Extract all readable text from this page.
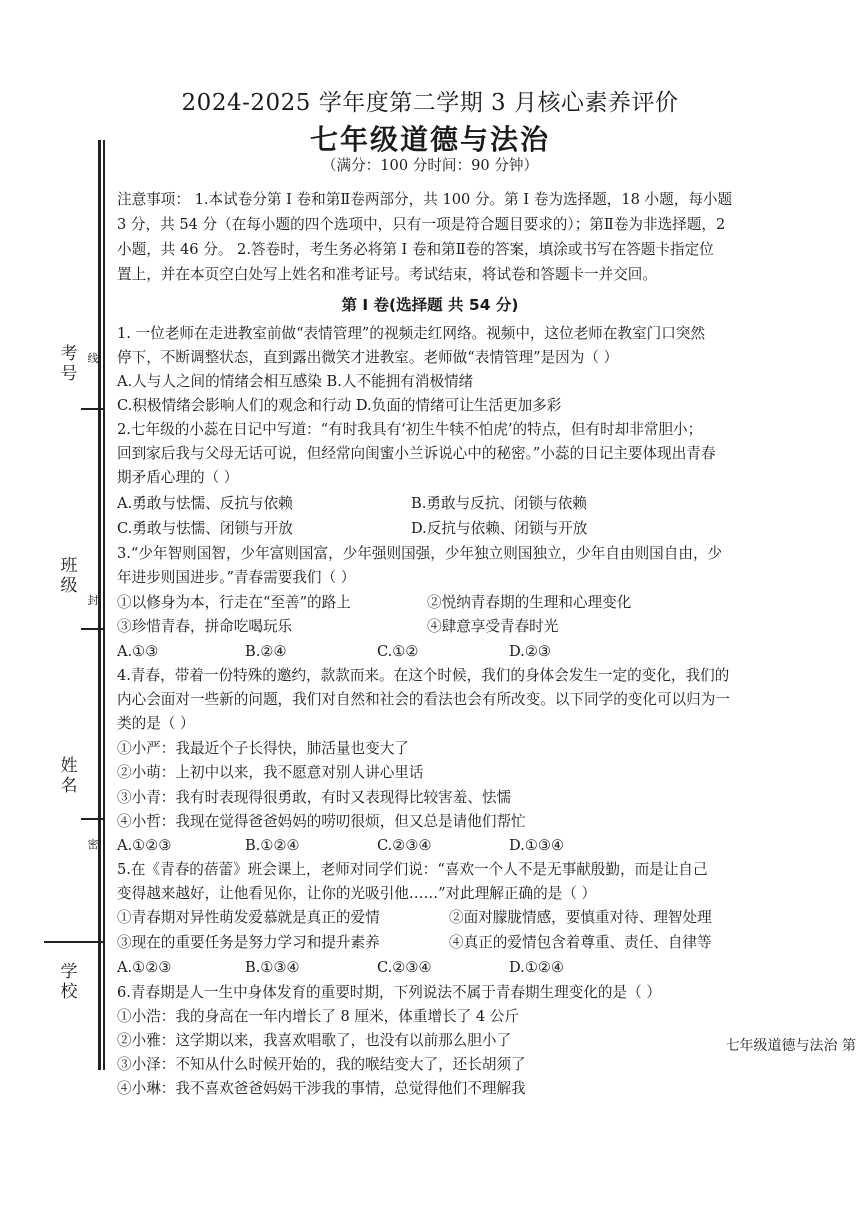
2024-2025 学年度第二学期 3 月核心素养评价
七年级道德与法治
（满分：100 分时间：90 分钟）
注意事项： 1.本试卷分第 I 卷和第Ⅱ卷两部分，共 100 分。第 I 卷为选择题，18 小题，每小题
3 分，共 54 分（在每小题的四个选项中，只有一项是符合题目要求的）；第Ⅱ卷为非选择题，2
小题，共 46 分。 2.答卷时，考生务必将第 I 卷和第Ⅱ卷的答案，填涂或书写在答题卡指定位
置上，并在本页空白处写上姓名和准考证号。考试结束，将试卷和答题卡一并交回。
第 I 卷(选择题 共 54 分)
1. 一位老师在走进教室前做“表情管理”的视频走红网络。视频中，这位老师在教室门口突然
停下，不断调整状态，直到露出微笑才进教室。老师做“表情管理”是因为（ ）
A.人与人之间的情绪会相互感染 B.人不能拥有消极情绪
C.积极情绪会影响人们的观念和行动 D.负面的情绪可让生活更加多彩
2.七年级的小蕊在日记中写道：“有时我具有‘初生牛犊不怕虎’的特点，但有时却非常胆小；
回到家后我与父母无话可说，但经常向闺蜜小兰诉说心中的秘密。”小蕊的日记主要体现出青春
期矛盾心理的（ ）
A.勇敢与怯懦、反抗与依赖	B.勇敢与反抗、闭锁与依赖
C.勇敢与怯懦、闭锁与开放	D.反抗与依赖、闭锁与开放
3.“少年智则国智，少年富则国富，少年强则国强，少年独立则国独立，少年自由则国自由，少
年进步则国进步。”青春需要我们（ ）
①以修身为本，行走在“至善”的路上	②悦纳青春期的生理和心理变化
③珍惜青春，拼命吃喝玩乐	④肆意享受青春时光
A.①③	B.②④	C.①②	D.②③
4.青春，带着一份特殊的邀约，款款而来。在这个时候，我们的身体会发生一定的变化，我们的
内心会面对一些新的问题，我们对自然和社会的看法也会有所改变。以下同学的变化可以归为一
类的是（ ）
①小严：我最近个子长得快，肺活量也变大了
②小萌：上初中以来，我不愿意对别人讲心里话
③小青：我有时表现得很勇敢，有时又表现得比较害羞、怯懦
④小哲：我现在觉得爸爸妈妈的唠叨很烦，但又总是请他们帮忙
A.①②③	B.①②④	C.②③④	D.①③④
5.在《青春的蓓蕾》班会课上，老师对同学们说：“喜欢一个人不是无事献殷勤，而是让自己
变得越来越好，让他看见你，让你的光吸引他……”对此理解正确的是（ ）
①青春期对异性萌发爱慕就是真正的爱情	②面对朦胧情感，要慎重对待、理智处理
③现在的重要任务是努力学习和提升素养	④真正的爱情包含着尊重、责任、自律等
A.①②③	B.①③④	C.②③④	D.①②④
6.青春期是人一生中身体发育的重要时期，下列说法不属于青春期生理变化的是（ ）
①小浩：我的身高在一年内增长了 8 厘米，体重增长了 4 公斤
②小雅：这学期以来，我喜欢唱歌了，也没有以前那么胆小了
③小泽：不知从什么时候开始的，我的喉结变大了，还长胡须了
④小琳：我不喜欢爸爸妈妈干涉我的事情，总觉得他们不理解我
考
号
线
班
级
封
姓
名
密
学
校
七年级道德与法治 第
